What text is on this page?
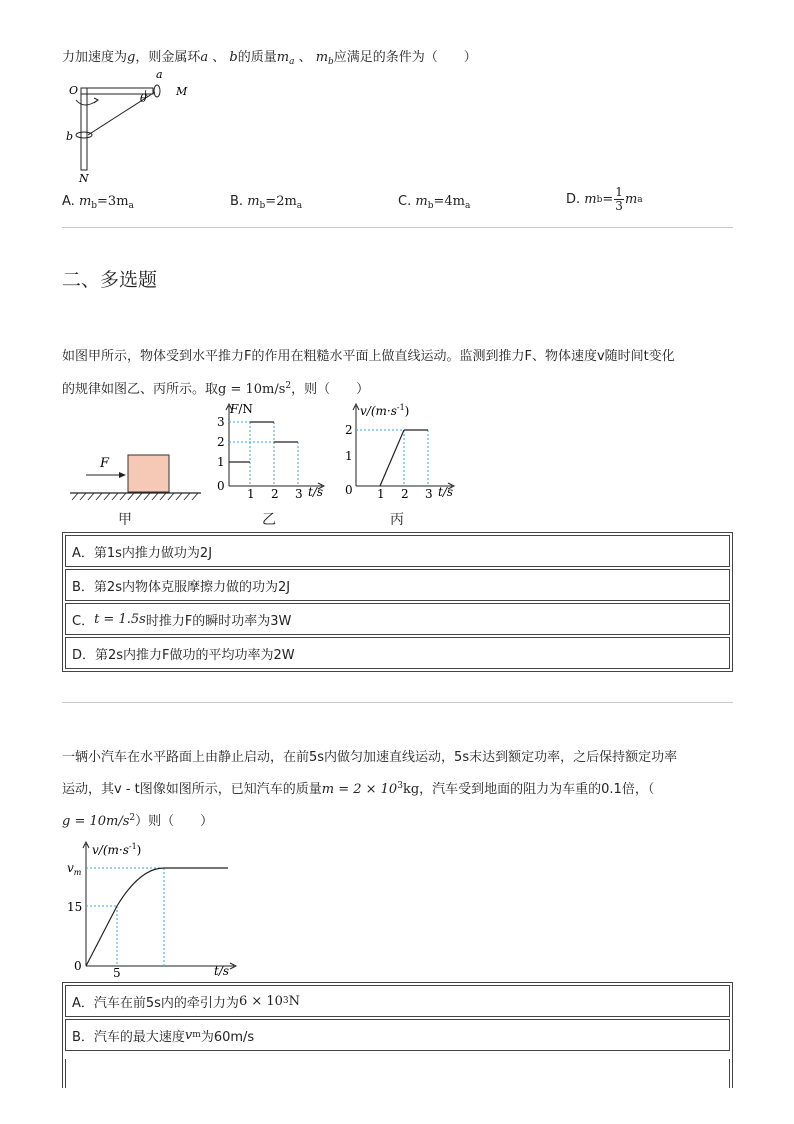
力加速度为g，则金属环a 、 b的质量$m_a$ 、 $m_b$应满足的条件为（　　）
O
a
M
θ
b
N
A. $m_b=3m_a$	B. $m_b=2m_a$	C. $m_b=4m_a$	D.
m $b = \frac{1}{3}$ m a
二、多选题
如图甲所示，物体受到水平推力F的作用在粗糙水平面上做直线运动。监测到推力F、物体速度v随时间t变化
的规律如图乙、丙所示。取$g = 10m/s^2$，则（　　）
F
甲
F/N
3
2
1
0
1 2 3 t/s
乙
$v/(m\cdot s^{-1})$
2
1
0 1 2 3 t/s
丙
A．第1s内推力做功为2J
B．第2s内物体克服摩擦力做的功为2J
C． t = 1.5s 时推力F的瞬时功率为3W
D．第2s内推力F做功的平均功率为2W
一辆小汽车在水平路面上由静止启动，在前5s内做匀加速直线运动，5s末达到额定功率，之后保持额定功率
运动，其v - t图像如图所示，已知汽车的质量$m = 2 \times 10^3kg$，汽车受到地面的阻力为车重的0.1倍，（
$g = 10m/s^2$）则（　　）
$v/(m\cdot s^{-1})$
$v_m$
15
0	5	t/s
A．汽车在前5s内的牵引力为 6 × 10 3 N
B．汽车的最大速度 v m 为60m/s
